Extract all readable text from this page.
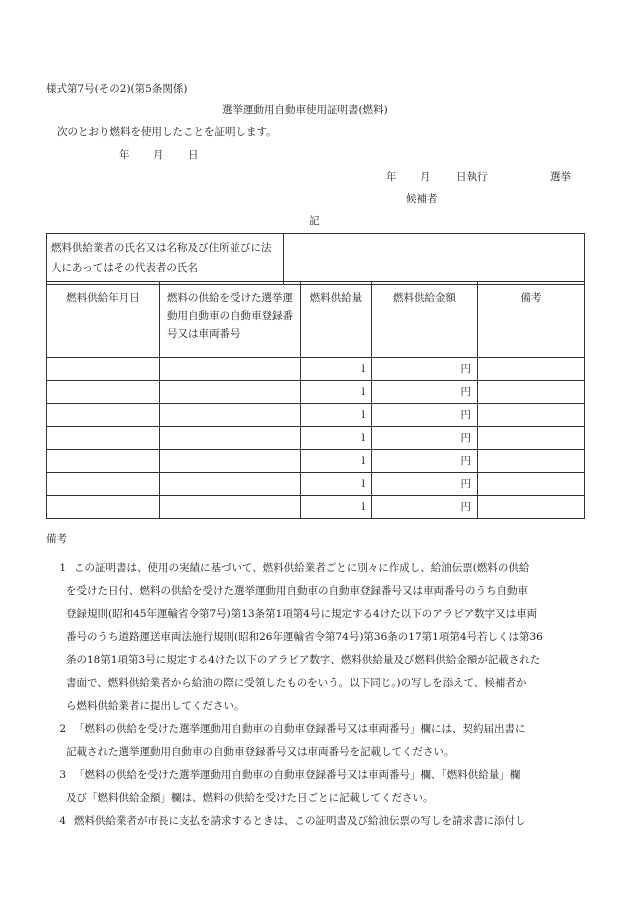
様式第7号(その2)(第5条関係)
選挙運動用自動車使用証明書(燃料)
次のとおり燃料を使用したことを証明します。
年 月 日
年 月 日執行	選挙
候補者
記
燃料供給業者の氏名又は名称及び住所並びに法人にあってはその代表者の氏名	
燃料供給年月日	燃料の供給を受けた選挙運動用自動車の自動車登録番号又は車両番号	燃料供給量	燃料供給金額	備考
		l	円	
		l	円	
		l	円	
		l	円	
		l	円	
		l	円	
		l	円	
備考
1 この証明書は、使用の実績に基づいて、燃料供給業者ごとに別々に作成し、給油伝票(燃料の供給
を受けた日付、燃料の供給を受けた選挙運動用自動車の自動車登録番号又は車両番号のうち自動車
登録規則(昭和45年運輸省令第7号)第13条第1項第4号に規定する4けた以下のアラビア数字又は車両
番号のうち道路運送車両法施行規則(昭和26年運輸省令第74号)第36条の17第1項第4号若しくは第36
条の18第1項第3号に規定する4けた以下のアラビア数字、燃料供給量及び燃料供給金額が記載された
書面で、燃料供給業者から給油の際に受領したものをいう。以下同じ。)の写しを添えて、候補者か
ら燃料供給業者に提出してください。
2 「燃料の供給を受けた選挙運動用自動車の自動車登録番号又は車両番号」欄には、契約届出書に
記載された選挙運動用自動車の自動車登録番号又は車両番号を記載してください。
3 「燃料の供給を受けた選挙運動用自動車の自動車登録番号又は車両番号」欄、「燃料供給量」欄
及び「燃料供給金額」欄は、燃料の供給を受けた日ごとに記載してください。
4 燃料供給業者が市長に支払を請求するときは、この証明書及び給油伝票の写しを請求書に添付し
